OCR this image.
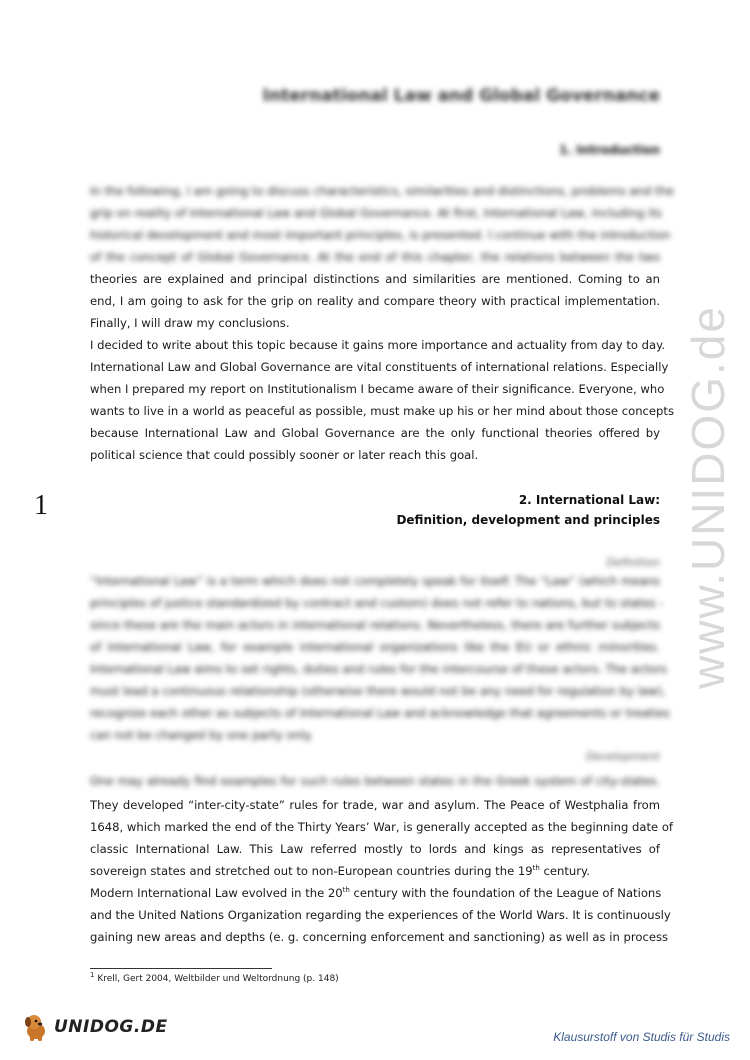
www.UNIDOG.de
1
International Law and Global Governance
1. Introduction
In the following, I am going to discuss characteristics, similarities and distinctions, problems and the
grip on reality of International Law and Global Governance. At first, International Law, including its
historical development and most important principles, is presented. I continue with the introduction
of the concept of Global Governance. At the end of this chapter, the relations between the two
theories are explained and principal distinctions and similarities are mentioned. Coming to an
end, I am going to ask for the grip on reality and compare theory with practical implementation.
Finally, I will draw my conclusions.
I decided to write about this topic because it gains more importance and actuality from day to day.
International Law and Global Governance are vital constituents of international relations. Especially
when I prepared my report on Institutionalism I became aware of their significance. Everyone, who
wants to live in a world as peaceful as possible, must make up his or her mind about those concepts
because International Law and Global Governance are the only functional theories offered by
political science that could possibly sooner or later reach this goal.
2. International Law:
Definition, development and principles
Definition
“International Law” is a term which does not completely speak for itself. The “Law” (which means
principles of justice standardized by contract and custom) does not refer to nations, but to states -
since these are the main actors in international relations. Nevertheless, there are further subjects
of International Law, for example international organizations like the EU or ethnic minorities.
International Law aims to set rights, duties and rules for the intercourse of these actors. The actors
must lead a continuous relationship (otherwise there would not be any need for regulation by law),
recognize each other as subjects of International Law and acknowledge that agreements or treaties
can not be changed by one party only.
Development
One may already find examples for such rules between states in the Greek system of city-states.
They developed “inter-city-state” rules for trade, war and asylum. The Peace of Westphalia from
1648, which marked the end of the Thirty Years’ War, is generally accepted as the beginning date of
classic International Law. This Law referred mostly to lords and kings as representatives of
sovereign states and stretched out to non-European countries during the 19th century.
Modern International Law evolved in the 20th century with the foundation of the League of Nations
and the United Nations Organization regarding the experiences of the World Wars. It is continuously
gaining new areas and depths (e. g. concerning enforcement and sanctioning) as well as in process
$^1$ Krell, Gert 2004, Weltbilder und Weltordnung (p. 148)
UNIDOG.DE	Klausurstoff von Studis für Studis
